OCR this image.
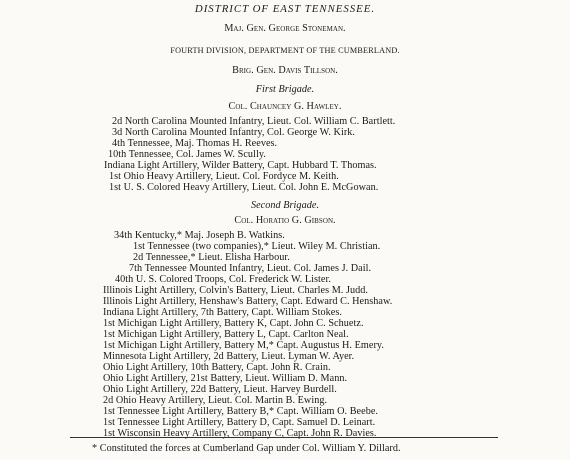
DISTRICT OF EAST TENNESSEE.
Maj. Gen. George Stoneman.
FOURTH DIVISION, DEPARTMENT OF THE CUMBERLAND.
Brig. Gen. Davis Tillson.
First Brigade.
Col. Chauncey G. Hawley.
2d North Carolina Mounted Infantry, Lieut. Col. William C. Bartlett.
3d North Carolina Mounted Infantry, Col. George W. Kirk.
4th Tennessee, Maj. Thomas H. Reeves.
10th Tennessee, Col. James W. Scully.
Indiana Light Artillery, Wilder Battery, Capt. Hubbard T. Thomas.
1st Ohio Heavy Artillery, Lieut. Col. Fordyce M. Keith.
1st U. S. Colored Heavy Artillery, Lieut. Col. John E. McGowan.
Second Brigade.
Col. Horatio G. Gibson.
34th Kentucky,* Maj. Joseph B. Watkins.
1st Tennessee (two companies),* Lieut. Wiley M. Christian.
2d Tennessee,* Lieut. Elisha Harbour.
7th Tennessee Mounted Infantry, Lieut. Col. James J. Dail.
40th U. S. Colored Troops, Col. Frederick W. Lister.
Illinois Light Artillery, Colvin's Battery, Lieut. Charles M. Judd.
Illinois Light Artillery, Henshaw's Battery, Capt. Edward C. Henshaw.
Indiana Light Artillery, 7th Battery, Capt. William Stokes.
1st Michigan Light Artillery, Battery K, Capt. John C. Schuetz.
1st Michigan Light Artillery, Battery L, Capt. Carlton Neal.
1st Michigan Light Artillery, Battery M,* Capt. Augustus H. Emery.
Minnesota Light Artillery, 2d Battery, Lieut. Lyman W. Ayer.
Ohio Light Artillery, 10th Battery, Capt. John R. Crain.
Ohio Light Artillery, 21st Battery, Lieut. William D. Mann.
Ohio Light Artillery, 22d Battery, Lieut. Harvey Burdell.
2d Ohio Heavy Artillery, Lieut. Col. Martin B. Ewing.
1st Tennessee Light Artillery, Battery B,* Capt. William O. Beebe.
1st Tennessee Light Artillery, Battery D, Capt. Samuel D. Leinart.
1st Wisconsin Heavy Artillery, Company C, Capt. John R. Davies.
* Constituted the forces at Cumberland Gap under Col. William Y. Dillard.
